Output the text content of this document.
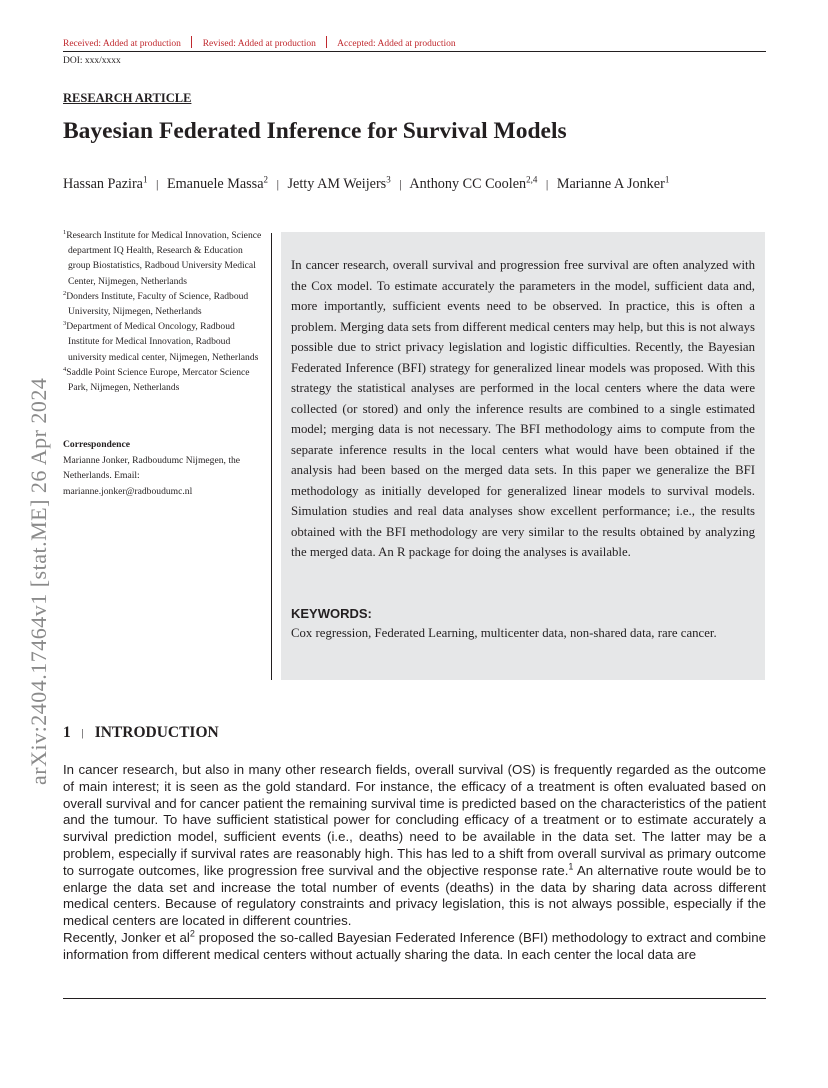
Received: Added at production Revised: Added at production Accepted: Added at production
DOI: xxx/xxxx
arXiv:2404.17464v1 [stat.ME] 26 Apr 2024
RESEARCH ARTICLE
Bayesian Federated Inference for Survival Models
Hassan Pazira$^1$ | Emanuele Massa$^2$ | Jetty AM Weijers$^3$ | Anthony CC Coolen$^{2,4}$ | Marianne A Jonker$^1$

$^1$Research Institute for Medical Innovation, Science department IQ Health, Research & Education group Biostatistics, Radboud University Medical Center, Nijmegen, Netherlands

$^2$Donders Institute, Faculty of Science, Radboud University, Nijmegen, Netherlands

$^3$Department of Medical Oncology, Radboud Institute for Medical Innovation, Radboud university medical center, Nijmegen, Netherlands

$^4$Saddle Point Science Europe, Mercator Science Park, Nijmegen, Netherlands

Correspondence
Marianne Jonker, Radboudumc Nijmegen, the Netherlands. Email: marianne.jonker@radboudumc.nl
In cancer research, overall survival and progression free survival are often analyzed with the Cox model. To estimate accurately the parameters in the model, sufficient data and, more importantly, sufficient events need to be observed. In practice, this is often a problem. Merging data sets from different medical centers may help, but this is not always possible due to strict privacy legislation and logistic difficulties. Recently, the Bayesian Federated Inference (BFI) strategy for generalized linear models was proposed. With this strategy the statistical analyses are performed in the local centers where the data were collected (or stored) and only the inference results are combined to a single estimated model; merging data is not necessary. The BFI methodology aims to compute from the separate inference results in the local centers what would have been obtained if the analysis had been based on the merged data sets. In this paper we generalize the BFI methodology as initially developed for generalized linear models to survival models. Simulation studies and real data analyses show excellent performance; i.e., the results obtained with the BFI methodology are very similar to the results obtained by analyzing the merged data. An R package for doing the analyses is available.
KEYWORDS:
Cox regression, Federated Learning, multicenter data, non-shared data, rare cancer.
1 | INTRODUCTION

In cancer research, but also in many other research fields, overall survival (OS) is frequently regarded as the outcome of main interest; it is seen as the gold standard. For instance, the efficacy of a treatment is often evaluated based on overall survival and for cancer patient the remaining survival time is predicted based on the characteristics of the patient and the tumour. To have sufficient statistical power for concluding efficacy of a treatment or to estimate accurately a survival prediction model, sufficient events (i.e., deaths) need to be available in the data set. The latter may be a problem, especially if survival rates are reasonably high. This has led to a shift from overall survival as primary outcome to surrogate outcomes, like progression free survival and the objective response rate.$^1$ An alternative route would be to enlarge the data set and increase the total number of events (deaths) in the data by sharing data across different medical centers. Because of regulatory constraints and privacy legislation, this is not always possible, especially if the medical centers are located in different countries.

Recently, Jonker et $al^2$ proposed the so-called Bayesian Federated Inference (BFI) methodology to extract and combine information from different medical centers without actually sharing the data. In each center the local data are
